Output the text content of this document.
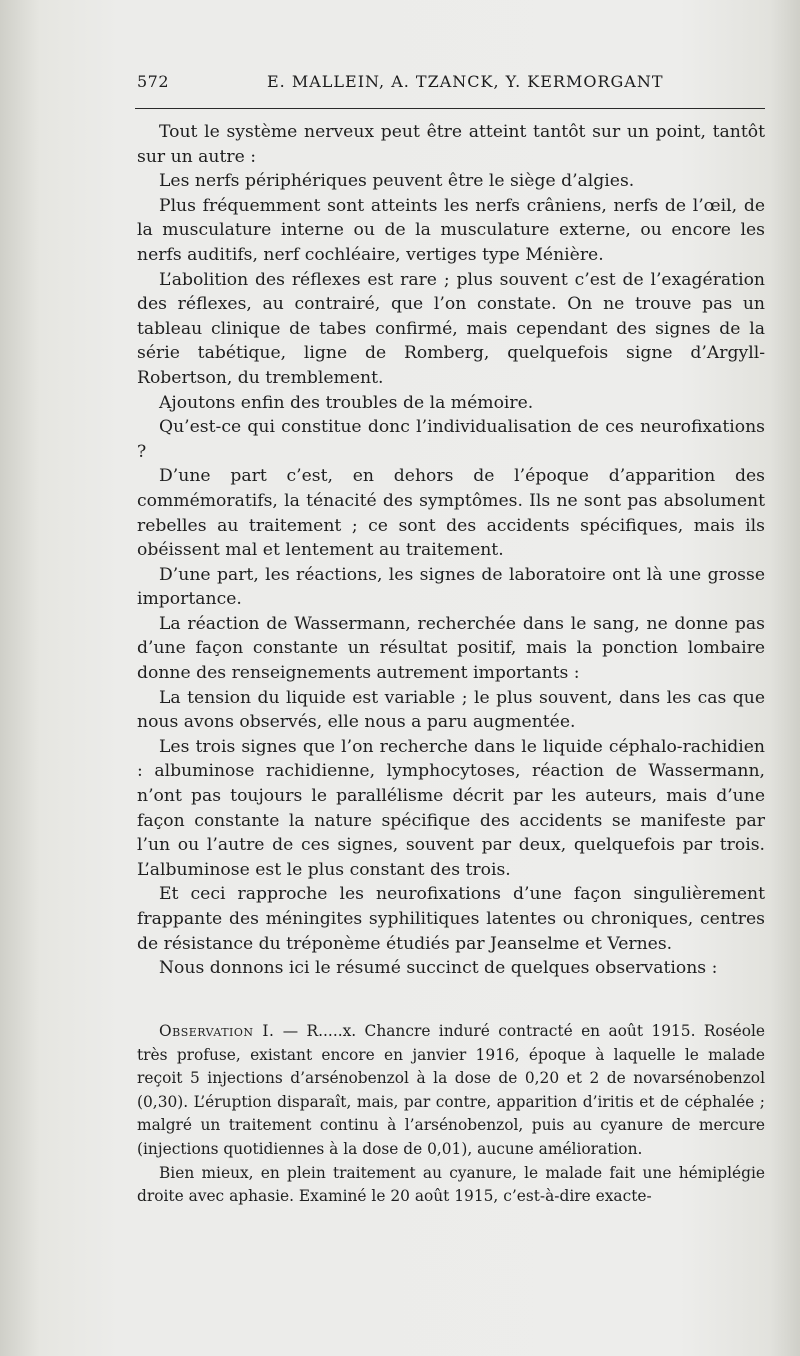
572	E. MALLEIN, A. TZANCK, Y. KERMORGANT

Tout le système nerveux peut être atteint tantôt sur un point, tantôt sur un autre :

Les nerfs périphériques peuvent être le siège d’algies.

Plus fréquemment sont atteints les nerfs crâniens, nerfs de l’œil, de la musculature interne ou de la musculature externe, ou encore les nerfs auditifs, nerf cochléaire, vertiges type Ménière.

L’abolition des réflexes est rare ; plus souvent c’est de l’exagération des réflexes, au contrairé, que l’on constate. On ne trouve pas un tableau clinique de tabes confirmé, mais cependant des signes de la série tabétique, ligne de Romberg, quelquefois signe d’Argyll-Robertson, du tremblement.

Ajoutons enfin des troubles de la mémoire.

Qu’est-ce qui constitue donc l’individualisation de ces neurofixations ?

D’une part c’est, en dehors de l’époque d’apparition des commémoratifs, la ténacité des symptômes. Ils ne sont pas absolument rebelles au traitement ; ce sont des accidents spécifiques, mais ils obéissent mal et lentement au traitement.

D’une part, les réactions, les signes de laboratoire ont là une grosse importance.

La réaction de Wassermann, recherchée dans le sang, ne donne pas d’une façon constante un résultat positif, mais la ponction lombaire donne des renseignements autrement importants :

La tension du liquide est variable ; le plus souvent, dans les cas que nous avons observés, elle nous a paru augmentée.

Les trois signes que l’on recherche dans le liquide céphalo-rachidien : albuminose rachidienne, lymphocytoses, réaction de Wassermann, n’ont pas toujours le parallélisme décrit par les auteurs, mais d’une façon constante la nature spécifique des accidents se manifeste par l’un ou l’autre de ces signes, souvent par deux, quelquefois par trois. L’albuminose est le plus constant des trois.

Et ceci rapproche les neurofixations d’une façon singulièrement frappante des méningites syphilitiques latentes ou chroniques, centres de résistance du tréponème étudiés par Jeanselme et Vernes.

Nous donnons ici le résumé succinct de quelques observations :

Observation I. — R.....x. Chancre induré contracté en août 1915. Roséole très profuse, existant encore en janvier 1916, époque à laquelle le malade reçoit 5 injections d’arsénobenzol à la dose de 0,20 et 2 de novarsénobenzol (0,30). L’éruption disparaît, mais, par contre, apparition d’iritis et de céphalée ; malgré un traitement continu à l’arsénobenzol, puis au cyanure de mercure (injections quotidiennes à la dose de 0,01), aucune amélioration.

Bien mieux, en plein traitement au cyanure, le malade fait une hémiplégie droite avec aphasie. Examiné le 20 août 1915, c’est-à-dire exacte-
